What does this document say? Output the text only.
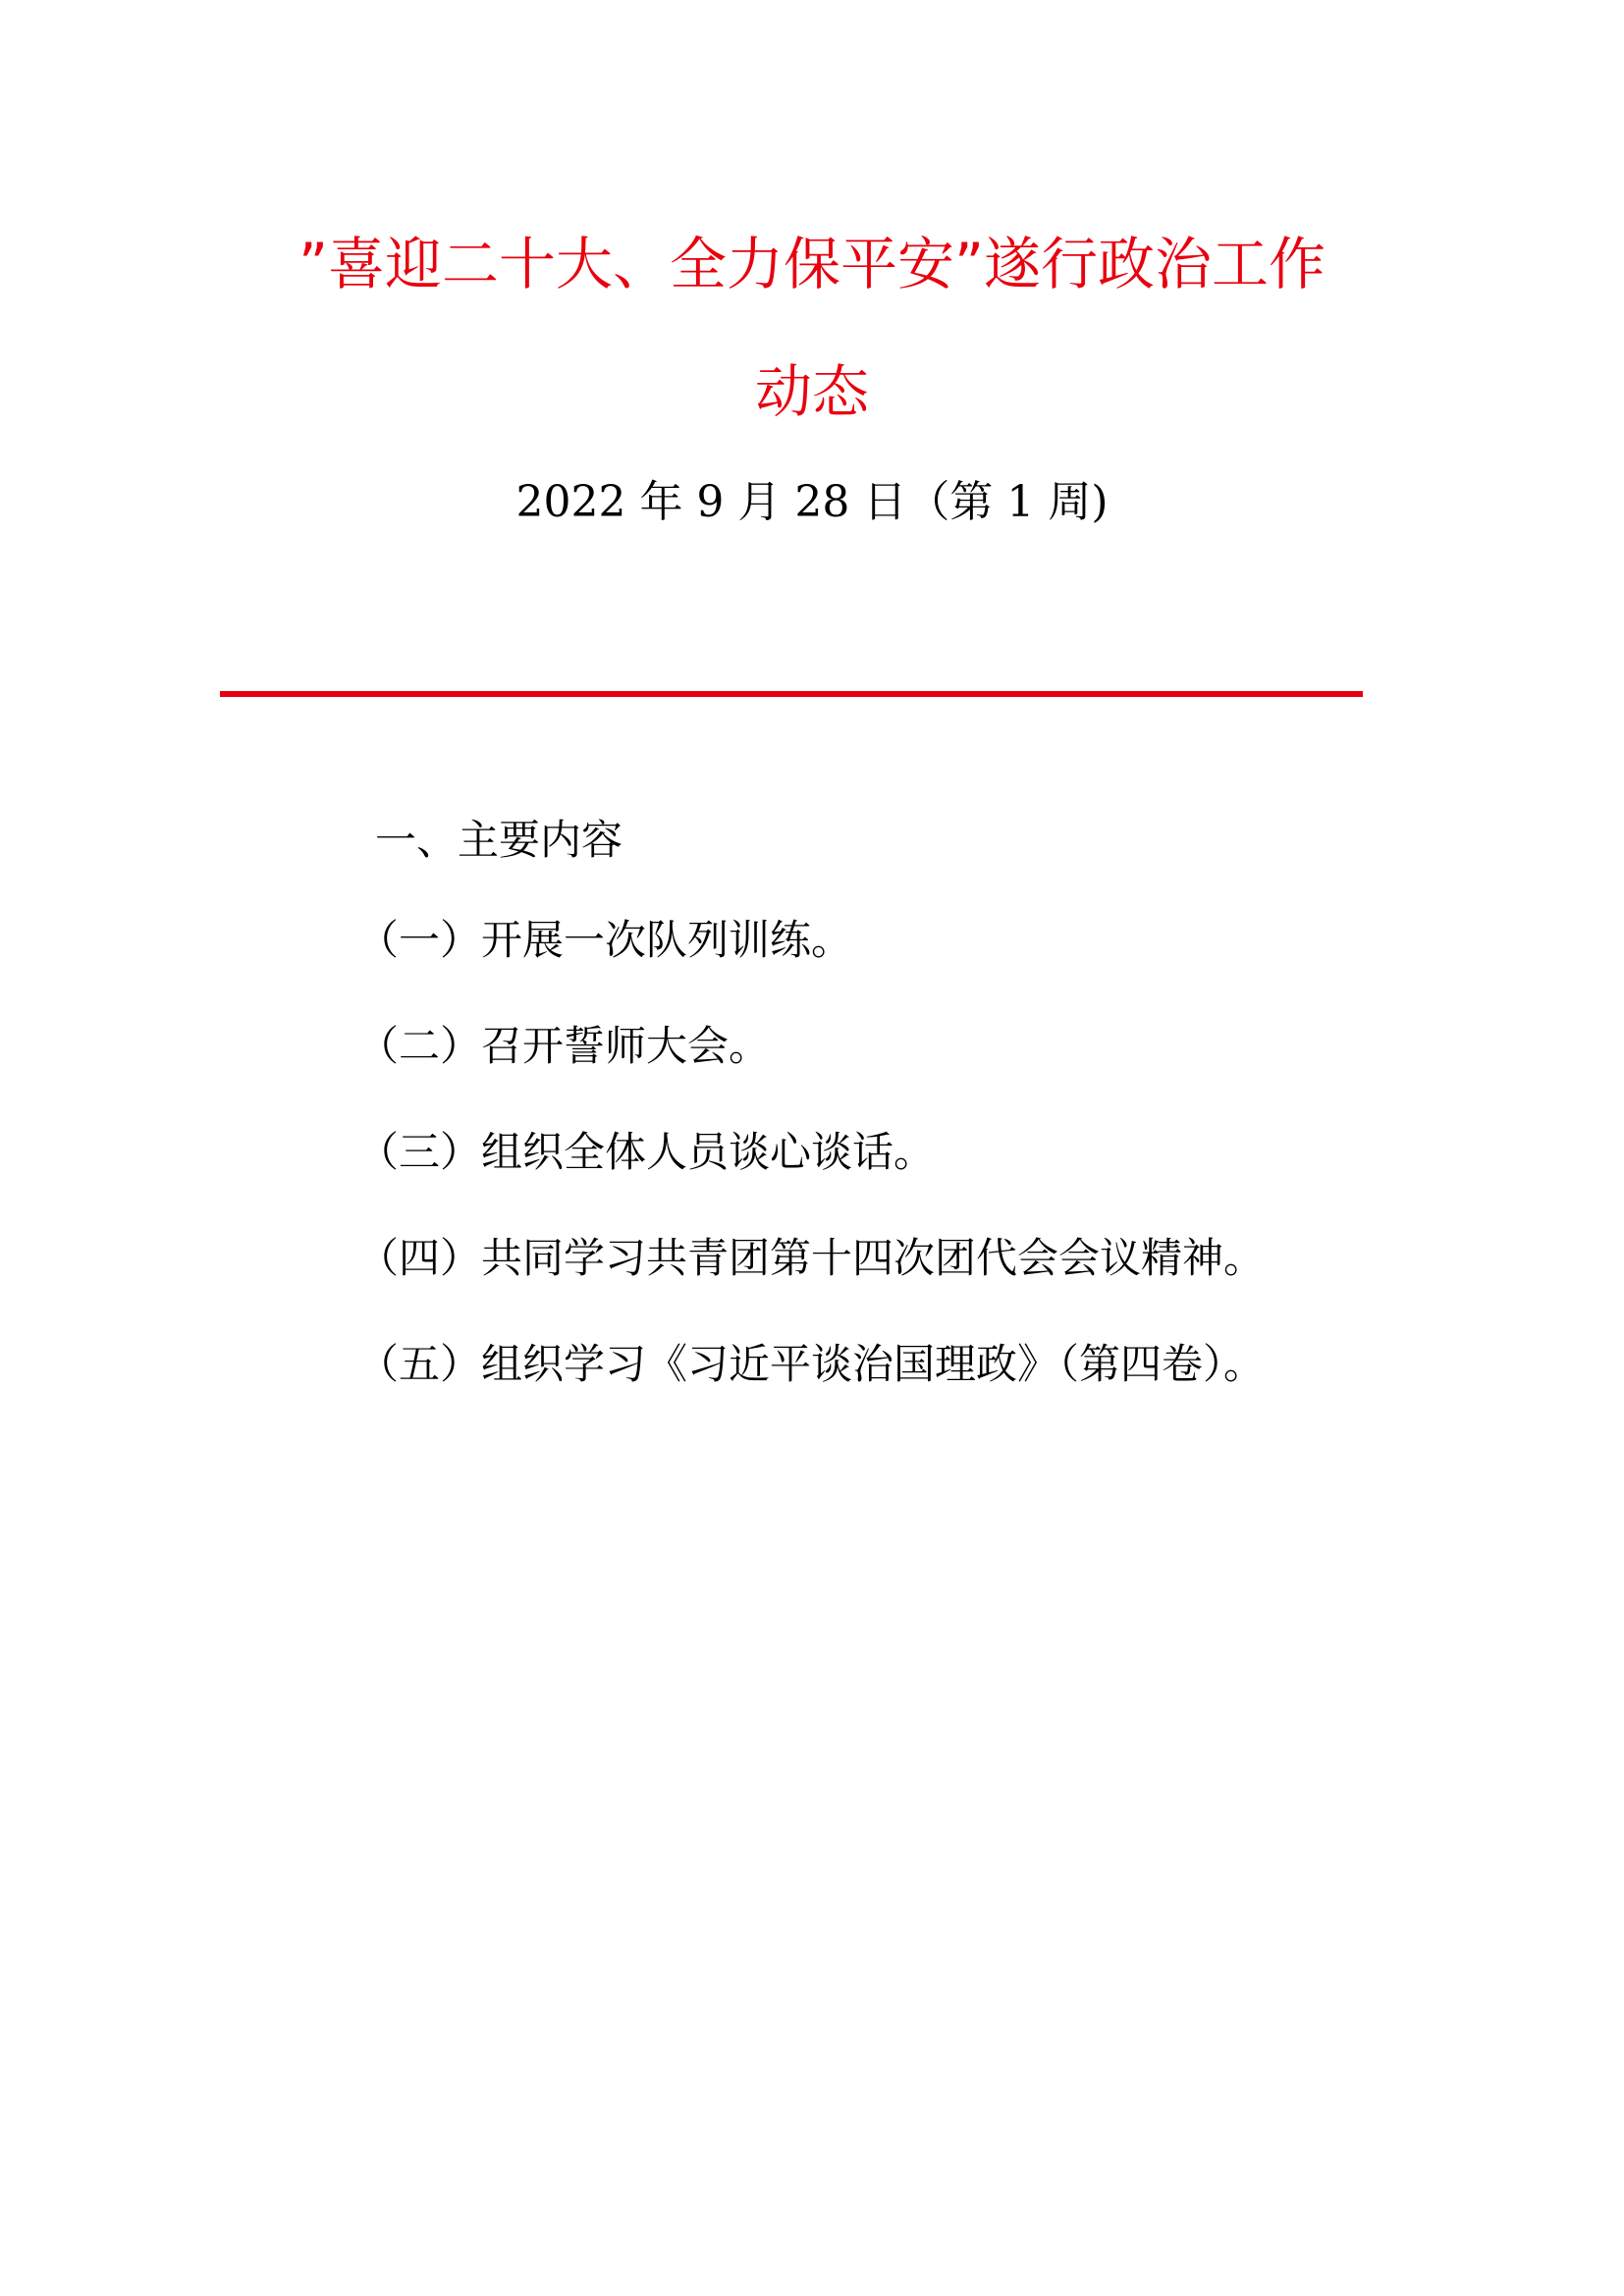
”喜迎二十大、全力保平安”遂行政治工作
动态
2022 年 9 月 28 日（第 1 周)
一、主要内容
（一）开展一次队列训练。
（二）召开誓师大会。
（三）组织全体人员谈心谈话。
（四）共同学习共青团第十四次团代会会议精神。
（五）组织学习《习近平谈治国理政》（第四卷）。
